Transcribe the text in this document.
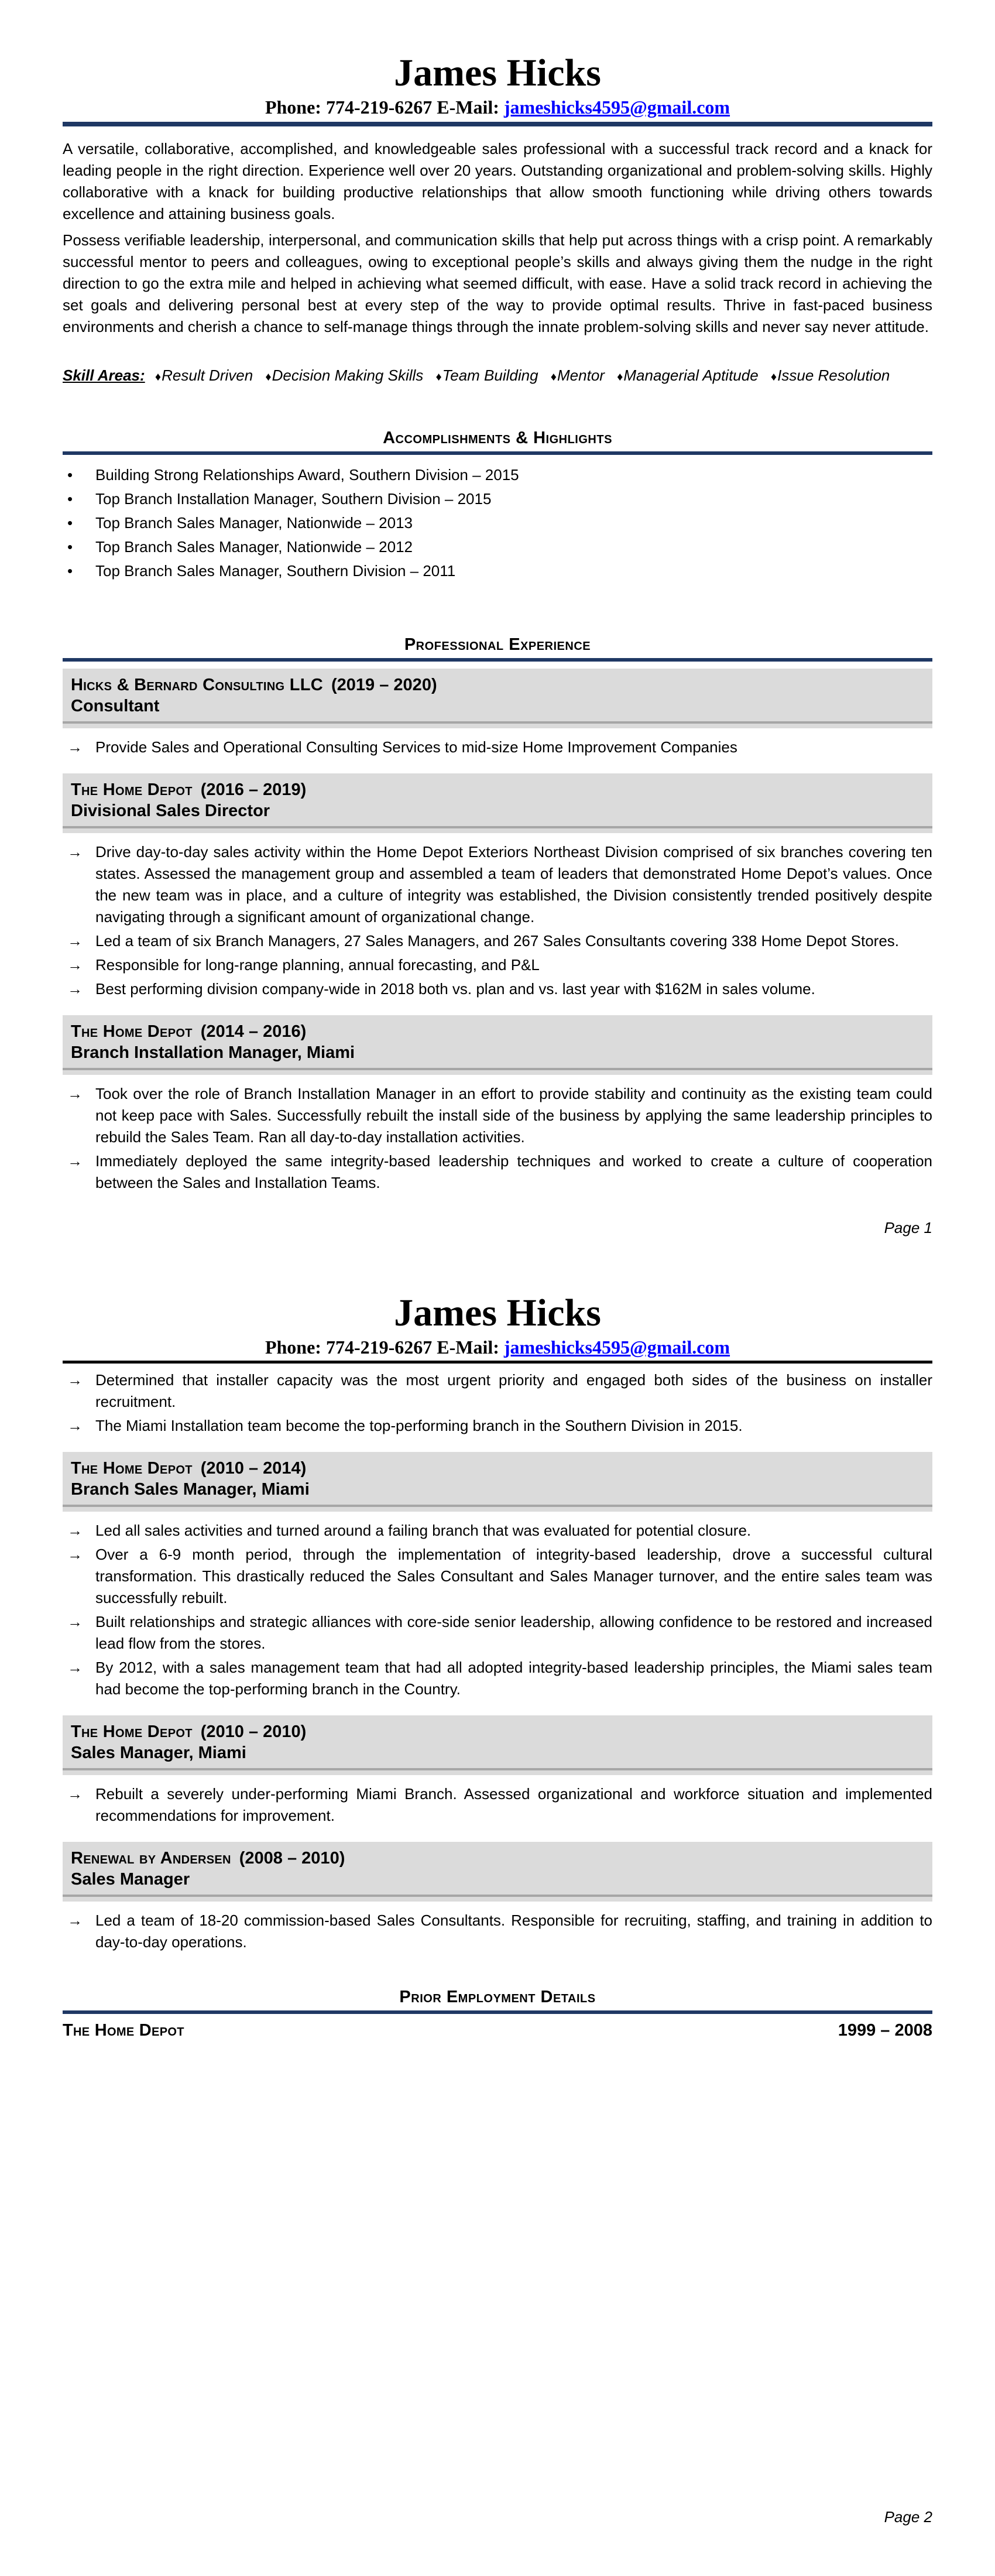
James Hicks
Phone: 774-219-6267 E-Mail: jameshicks4595@gmail.com

A versatile, collaborative, accomplished, and knowledgeable sales professional with a successful track record and a knack for leading people in the right direction. Experience well over 20 years. Outstanding organizational and problem-solving skills. Highly collaborative with a knack for building productive relationships that allow smooth functioning while driving others towards excellence and attaining business goals.

Possess verifiable leadership, interpersonal, and communication skills that help put across things with a crisp point. A remarkably successful mentor to peers and colleagues, owing to exceptional people’s skills and always giving them the nudge in the right direction to go the extra mile and helped in achieving what seemed difficult, with ease. Have a solid track record in achieving the set goals and delivering personal best at every step of the way to provide optimal results. Thrive in fast-paced business environments and cherish a chance to self-manage things through the innate problem-solving skills and never say never attitude.

Skill Areas: ♦Result Driven ♦Decision Making Skills ♦Team Building ♦Mentor ♦Managerial Aptitude ♦Issue Resolution
Accomplishments & Highlights
• Building Strong Relationships Award, Southern Division – 2015
• Top Branch Installation Manager, Southern Division – 2015
• Top Branch Sales Manager, Nationwide – 2013
• Top Branch Sales Manager, Nationwide – 2012
• Top Branch Sales Manager, Southern Division – 2011
Professional Experience
Hicks & Bernard Consulting LLC (2019 – 2020)
Consultant
→ Provide Sales and Operational Consulting Services to mid-size Home Improvement Companies
The Home Depot (2016 – 2019)
Divisional Sales Director
→ Drive day-to-day sales activity within the Home Depot Exteriors Northeast Division comprised of six branches covering ten states. Assessed the management group and assembled a team of leaders that demonstrated Home Depot’s values. Once the new team was in place, and a culture of integrity was established, the Division consistently trended positively despite navigating through a significant amount of organizational change.
→ Led a team of six Branch Managers, 27 Sales Managers, and 267 Sales Consultants covering 338 Home Depot Stores.
→ Responsible for long-range planning, annual forecasting, and P&L
→ Best performing division company-wide in 2018 both vs. plan and vs. last year with $162M in sales volume.
The Home Depot (2014 – 2016)
Branch Installation Manager, Miami
→ Took over the role of Branch Installation Manager in an effort to provide stability and continuity as the existing team could not keep pace with Sales. Successfully rebuilt the install side of the business by applying the same leadership principles to rebuild the Sales Team. Ran all day-to-day installation activities.
→ Immediately deployed the same integrity-based leadership techniques and worked to create a culture of cooperation between the Sales and Installation Teams.
Page 1
James Hicks
Phone: 774-219-6267 E-Mail: jameshicks4595@gmail.com
→ Determined that installer capacity was the most urgent priority and engaged both sides of the business on installer recruitment.
→ The Miami Installation team become the top-performing branch in the Southern Division in 2015.
The Home Depot (2010 – 2014)
Branch Sales Manager, Miami
→ Led all sales activities and turned around a failing branch that was evaluated for potential closure.
→ Over a 6-9 month period, through the implementation of integrity-based leadership, drove a successful cultural transformation. This drastically reduced the Sales Consultant and Sales Manager turnover, and the entire sales team was successfully rebuilt.
→ Built relationships and strategic alliances with core-side senior leadership, allowing confidence to be restored and increased lead flow from the stores.
→ By 2012, with a sales management team that had all adopted integrity-based leadership principles, the Miami sales team had become the top-performing branch in the Country.
The Home Depot (2010 – 2010)
Sales Manager, Miami
→ Rebuilt a severely under-performing Miami Branch. Assessed organizational and workforce situation and implemented recommendations for improvement.
Renewal by Andersen (2008 – 2010)
Sales Manager
→ Led a team of 18-20 commission-based Sales Consultants. Responsible for recruiting, staffing, and training in addition to day-to-day operations.
Prior Employment Details
The Home Depot	1999 – 2008
Page 2
